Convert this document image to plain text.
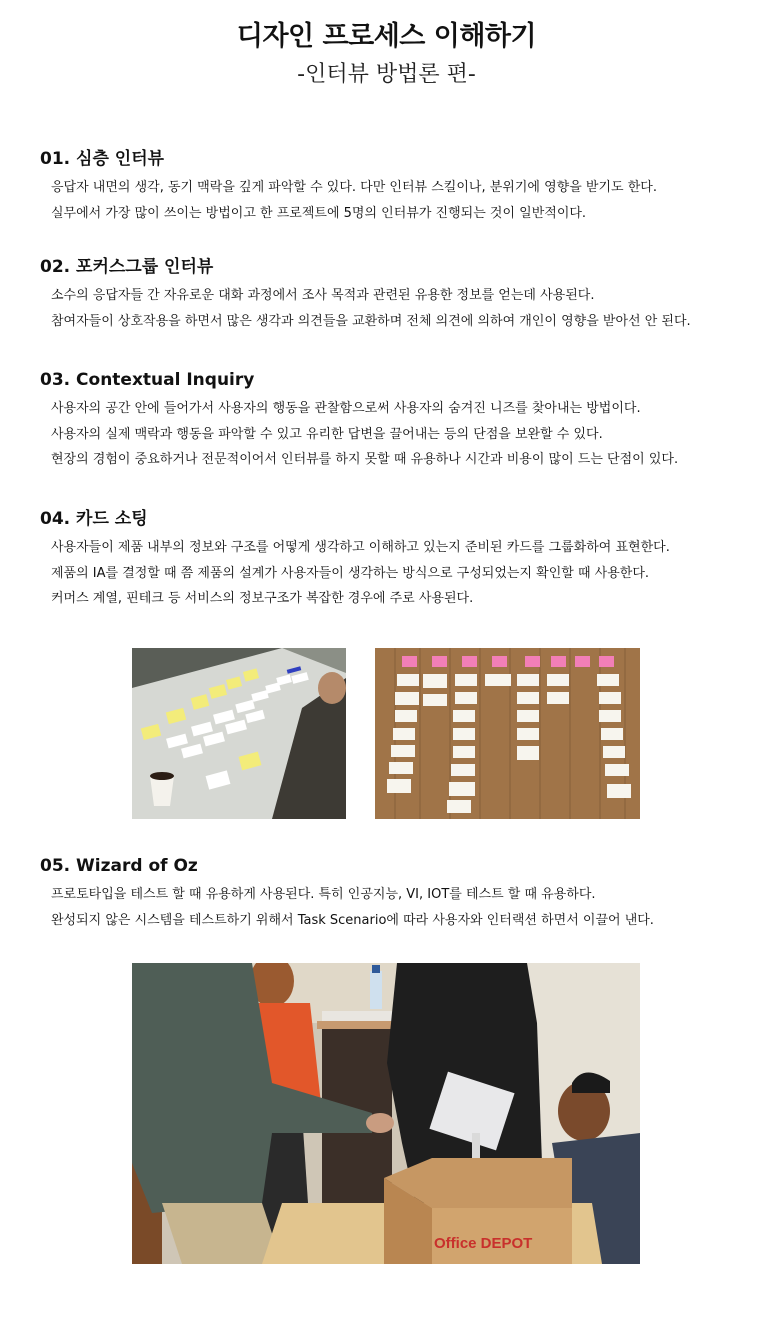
디자인 프로세스 이해하기
-인터뷰 방법론 편-
01. 심층 인터뷰
응답자 내면의 생각, 동기 맥락을 깊게 파악할 수 있다. 다만 인터뷰 스킬이나, 분위기에 영향을 받기도 한다.
실무에서 가장 많이 쓰이는 방법이고 한 프로젝트에 5명의 인터뷰가 진행되는 것이 일반적이다.
02. 포커스그룹 인터뷰
소수의 응답자들 간 자유로운 대화 과정에서 조사 목적과 관련된 유용한 정보를 얻는데 사용된다.
참여자들이 상호작용을 하면서 많은 생각과 의견들을 교환하며 전체 의견에 의하여 개인이 영향을 받아선 안 된다.
03. Contextual Inquiry
사용자의 공간 안에 들어가서 사용자의 행동을 관찰함으로써 사용자의 숨겨진 니즈를 찾아내는 방법이다.
사용자의 실제 맥락과 행동을 파악할 수 있고 유리한 답변을 끌어내는 등의 단점을 보완할 수 있다.
현장의 경험이 중요하거나 전문적이어서 인터뷰를 하지 못할 때 유용하나 시간과 비용이 많이 드는 단점이 있다.
04. 카드 소팅
사용자들이 제품 내부의 정보와 구조를 어떻게 생각하고 이해하고 있는지 준비된 카드를 그룹화하여 표현한다.
제품의 IA를 결정할 때 쯤 제품의 설계가 사용자들이 생각하는 방식으로 구성되었는지 확인할 때 사용한다.
커머스 계열, 핀테크 등 서비스의 정보구조가 복잡한 경우에 주로 사용된다.
05. Wizard of Oz
프로토타입을 테스트 할 때 유용하게 사용된다. 특히 인공지능, VI, IOT를 테스트 할 때 유용하다.
완성되지 않은 시스템을 테스트하기 위해서 Task Scenario에 따라 사용자와 인터랙션 하면서 이끌어 낸다.
Office DEPOT
